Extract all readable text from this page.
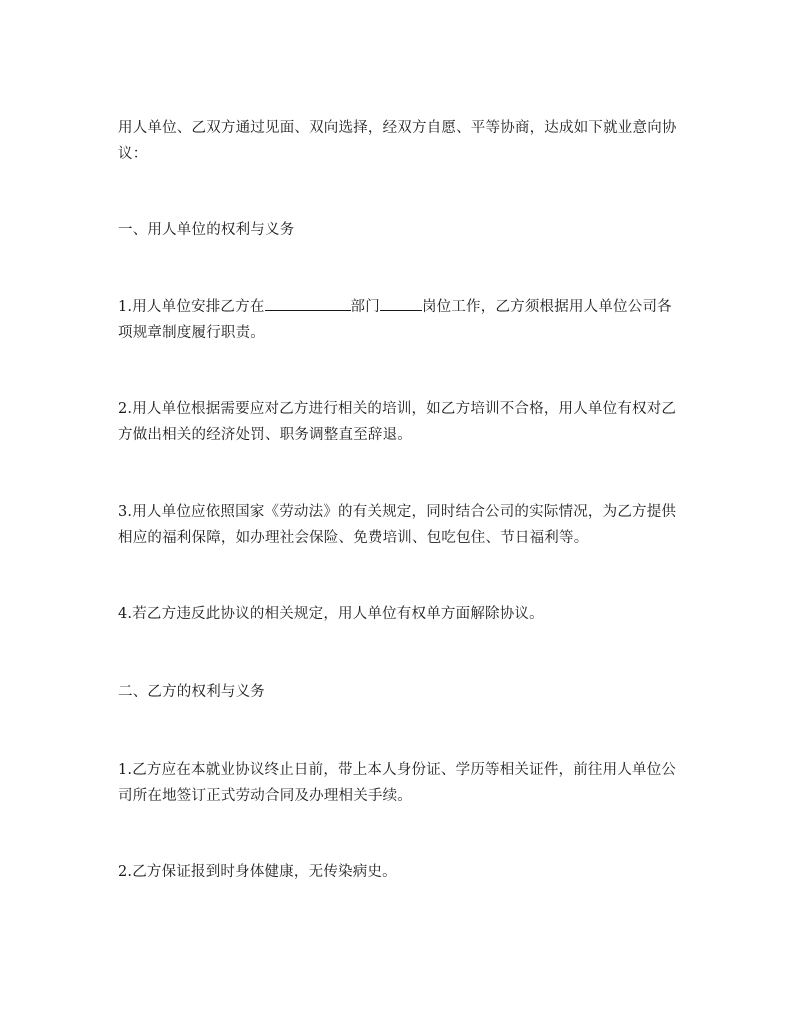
用人单位、乙双方通过见面、双向选择，经双方自愿、平等协商，达成如下就业意向协议：

一、用人单位的权利与义务

1.用人单位安排乙方在	部门	岗位工作，乙方须根据用人单位公司各项规章制度履行职责。

2.用人单位根据需要应对乙方进行相关的培训，如乙方培训不合格，用人单位有权对乙方做出相关的经济处罚、职务调整直至辞退。

3.用人单位应依照国家《劳动法》的有关规定，同时结合公司的实际情况，为乙方提供相应的福利保障，如办理社会保险、免费培训、包吃包住、节日福利等。

4.若乙方违反此协议的相关规定，用人单位有权单方面解除协议。

二、乙方的权利与义务

1.乙方应在本就业协议终止日前，带上本人身份证、学历等相关证件，前往用人单位公司所在地签订正式劳动合同及办理相关手续。

2.乙方保证报到时身体健康，无传染病史。
